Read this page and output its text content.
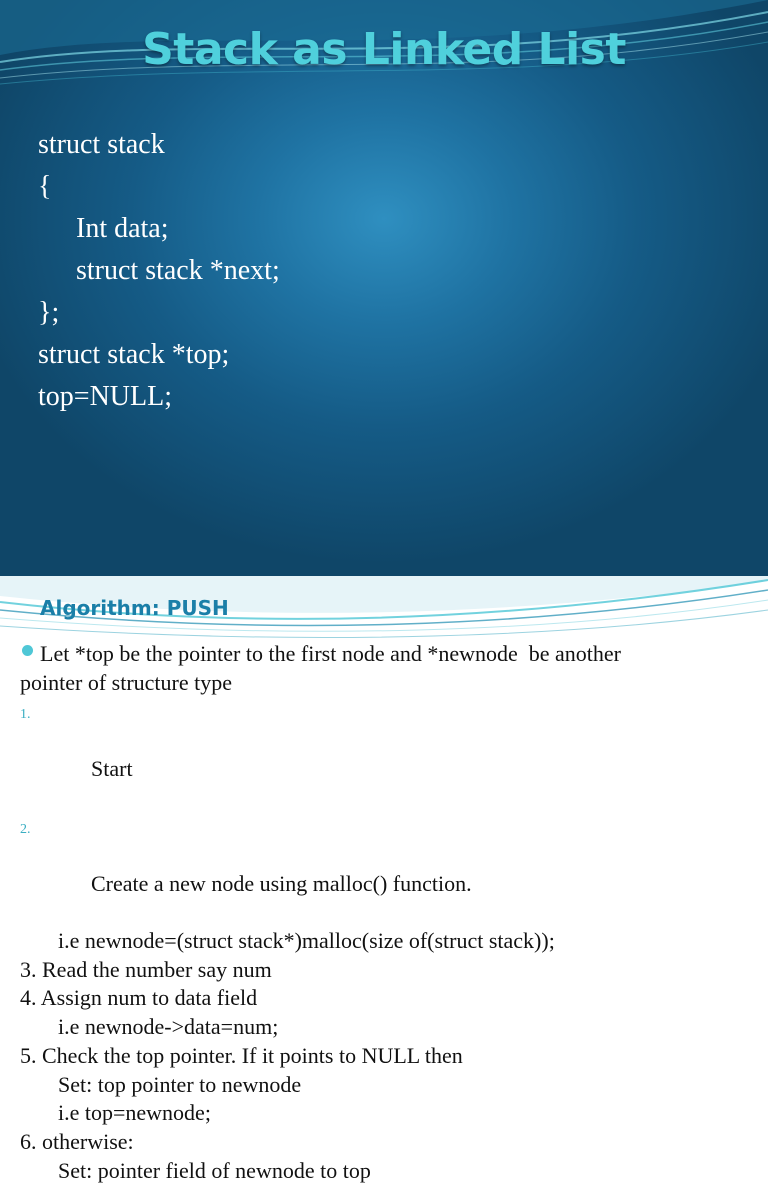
Stack as Linked List
struct stack
{
Int data;
struct stack *next;
};
struct stack *top;
top=NULL;
Algorithm: PUSH
Let *top be the pointer to the first node and *newnode  be another
pointer of structure type

1.

Start

2.

Create a new node using malloc() function.

i.e newnode=(struct stack*)malloc(size of(struct stack));
3. Read the number say num
4. Assign num to data field
i.e newnode->data=num;
5. Check the top pointer. If it points to NULL then
Set: top pointer to newnode
i.e top=newnode;
6. otherwise:
Set: pointer field of newnode to top
